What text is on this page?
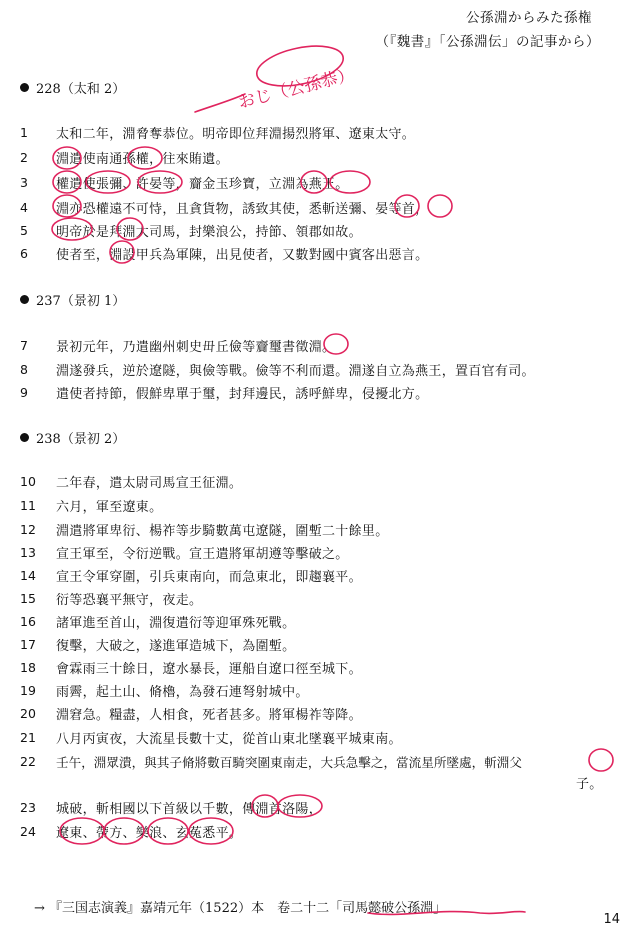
公孫淵からみた孫権
（『魏書』「公孫淵伝」の記事から）
228（太和 2）
1	太和二年，淵脅奪恭位。明帝即位拜淵揚烈將軍、遼東太守。
2	淵遣使南通孫權，往來賄遺。
3	權遣使張彌、許晏等，齎金玉珍寶，立淵為燕王。
4	淵亦恐權遠不可恃，且貪貨物，誘致其使，悉斬送彌、晏等首，
5	明帝於是拜淵大司馬，封樂浪公，持節、領郡如故。
6	使者至，淵設甲兵為軍陳，出見使者，又數對國中賓客出惡言。
237（景初 1）
7	景初元年，乃遣幽州刺史毌丘儉等齎璽書徵淵。
8	淵遂發兵，逆於遼隧，與儉等戰。儉等不利而還。淵遂自立為燕王，置百官有司。
9	遣使者持節，假鮮卑單于璽，封拜邊民，誘呼鮮卑，侵擾北方。
238（景初 2）
10	二年春，遣太尉司馬宣王征淵。
11	六月，軍至遼東。
12	淵遣將軍卑衍、楊祚等步騎數萬屯遼隧，圍塹二十餘里。
13	宣王軍至，令衍逆戰。宣王遣將軍胡遵等擊破之。
14	宣王令軍穿圍，引兵東南向，而急東北，即趨襄平。
15	衍等恐襄平無守，夜走。
16	諸軍進至首山，淵復遣衍等迎軍殊死戰。
17	復擊，大破之，遂進軍造城下，為圍塹。
18	會霖雨三十餘日，遼水暴長，運船自遼口徑至城下。
19	雨霽，起土山、脩櫓，為發石連弩射城中。
20	淵窘急。糧盡，人相食，死者甚多。將軍楊祚等降。
21	八月丙寅夜，大流星長數十丈，從首山東北墜襄平城東南。
22	壬午，淵眾潰，與其子脩將數百騎突圍東南走，大兵急擊之，當流星所墜處，斬淵父
子。
23	城破，斬相國以下首級以千數，傳淵首洛陽，
24	遼東、帶方、樂浪、玄菟悉平。
→ 『三国志演義』嘉靖元年（1522）本　卷二十二「司馬懿破公孫淵」
14
おじ（公孫恭）
